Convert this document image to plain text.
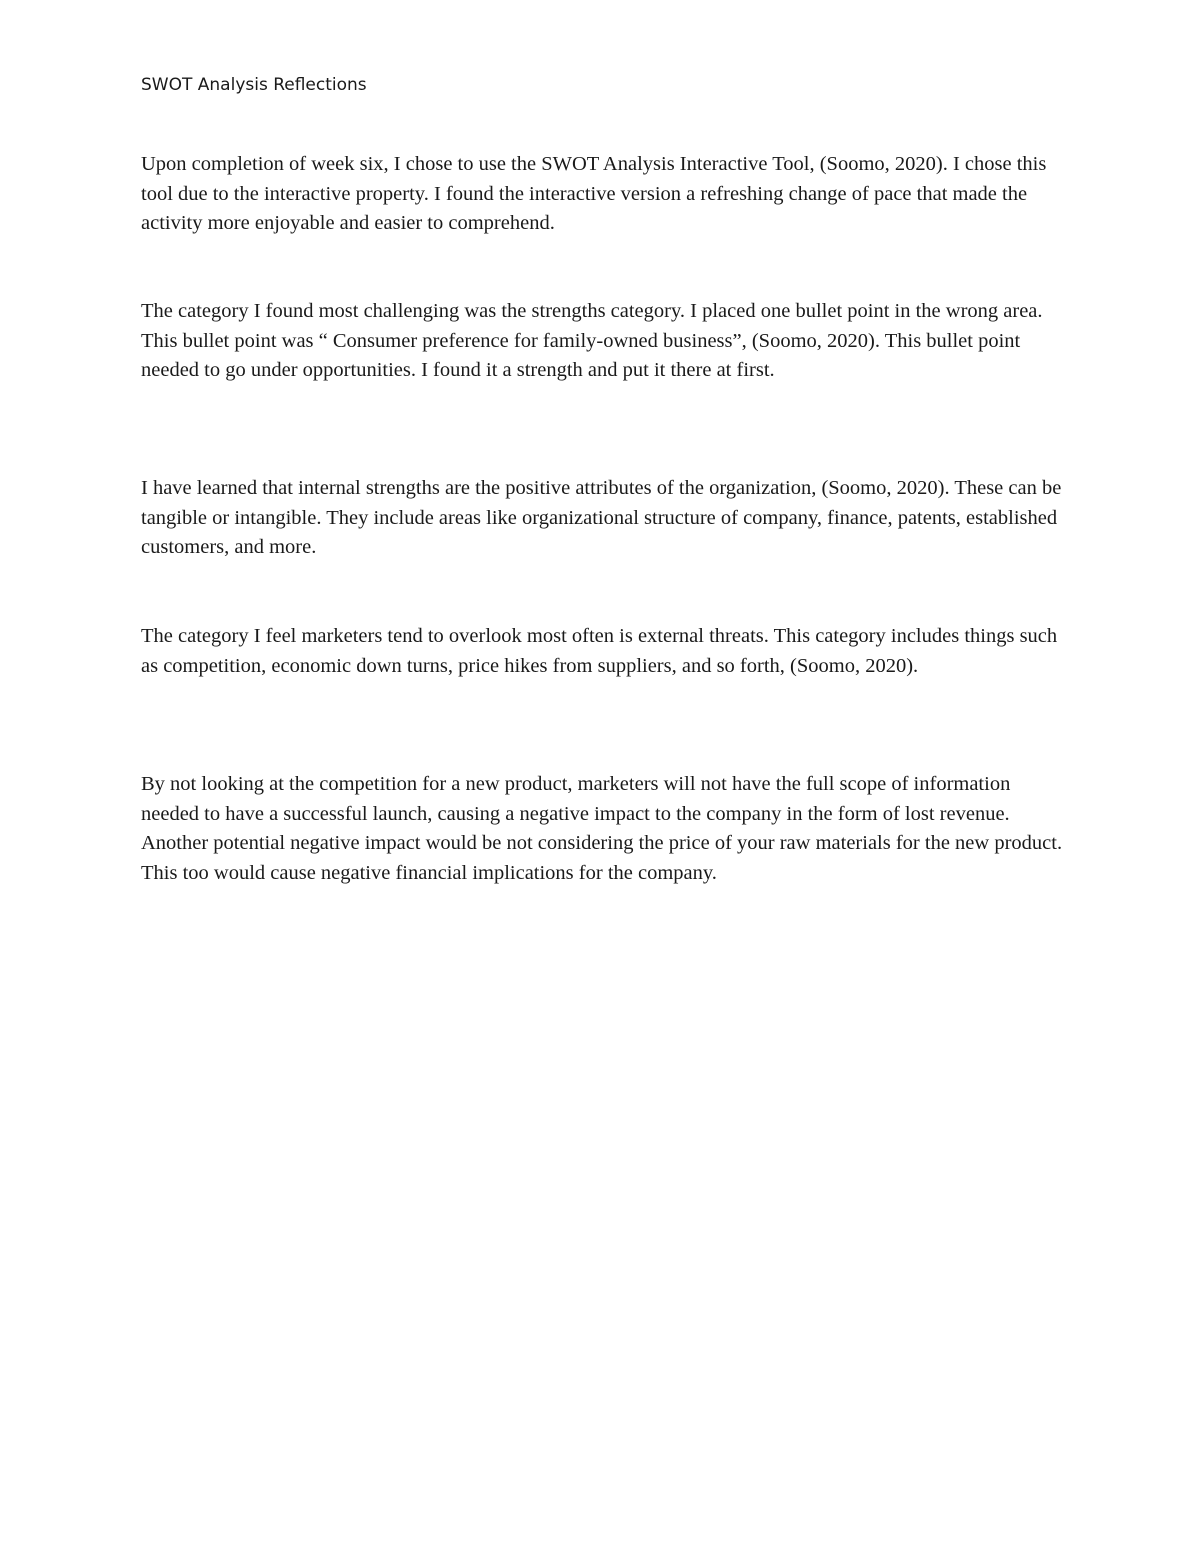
SWOT Analysis Reflections

Upon completion of week six, I chose to use the SWOT Analysis Interactive Tool, (Soomo, 2020). I chose this tool due to the interactive property. I found the interactive version a refreshing change of pace that made the activity more enjoyable and easier to comprehend.

The category I found most challenging was the strengths category. I placed one bullet point in the wrong area. This bullet point was “ Consumer preference for family-owned business”, (Soomo, 2020). This bullet point needed to go under opportunities. I found it a strength and put it there at first.

I have learned that internal strengths are the positive attributes of the organization, (Soomo, 2020). These can be tangible or intangible. They include areas like organizational structure of company, finance, patents, established customers, and more.

The category I feel marketers tend to overlook most often is external threats. This category includes things such as competition, economic down turns, price hikes from suppliers, and so forth, (Soomo, 2020).

By not looking at the competition for a new product, marketers will not have the full scope of information needed to have a successful launch, causing a negative impact to the company in the form of lost revenue. Another potential negative impact would be not considering the price of your raw materials for the new product. This too would cause negative financial implications for the company.
